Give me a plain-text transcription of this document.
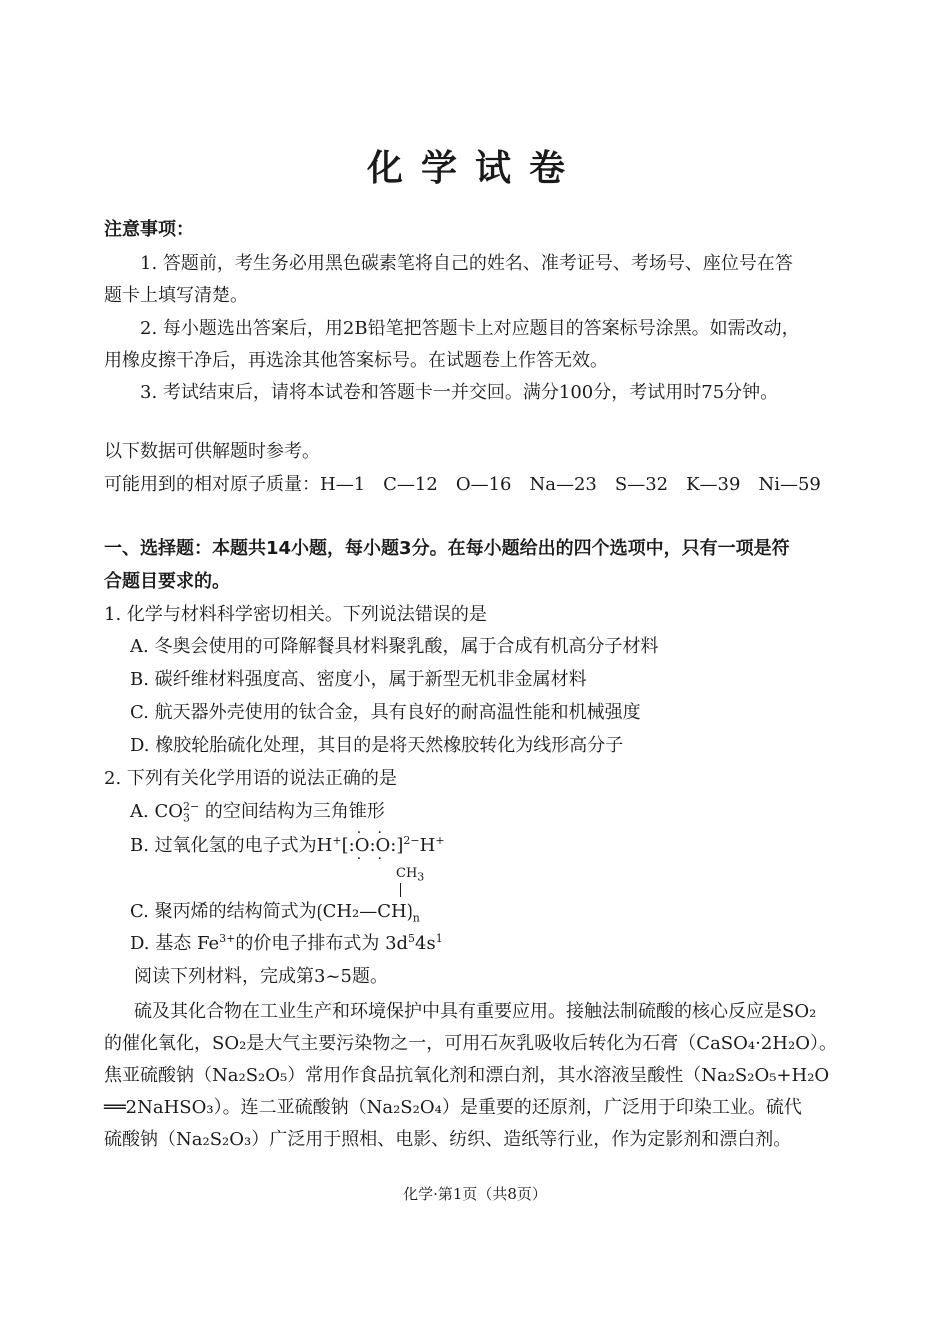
化学试卷
注意事项：
1. 答题前，考生务必用黑色碳素笔将自己的姓名、准考证号、考场号、座位号在答
题卡上填写清楚。
2. 每小题选出答案后，用2B铅笔把答题卡上对应题目的答案标号涂黑。如需改动，
用橡皮擦干净后，再选涂其他答案标号。在试题卷上作答无效。
3. 考试结束后，请将本试卷和答题卡一并交回。满分100分，考试用时75分钟。
以下数据可供解题时参考。
可能用到的相对原子质量：H—1　C—12　O—16　Na—23　S—32　K—39　Ni—59
一、选择题：本题共14小题，每小题3分。在每小题给出的四个选项中，只有一项是符
合题目要求的。
1. 化学与材料科学密切相关。下列说法错误的是
A. 冬奥会使用的可降解餐具材料聚乳酸，属于合成有机高分子材料
B. 碳纤维材料强度高、密度小，属于新型无机非金属材料
C. 航天器外壳使用的钛合金，具有良好的耐高温性能和机械强度
D. 橡胶轮胎硫化处理，其目的是将天然橡胶转化为线形高分子
2. 下列有关化学用语的说法正确的是
A. $CO_3^{2-}$ 的空间结构为三角锥形
B. 过氧化氢的电子式为H+[:· O ·:· O ·:]$^{2-}$H+
$CH_3$
C. 聚丙烯的结构简式为$⟮CH_2—CH⟯_n$
D. 基态 $Fe^{3+}$的价电子排布式为 $3d^54s^1$
阅读下列材料，完成第3~5题。
硫及其化合物在工业生产和环境保护中具有重要应用。接触法制硫酸的核心反应是SO₂
的催化氧化，SO₂是大气主要污染物之一，可用石灰乳吸收后转化为石膏（CaSO₄·2H₂O）。
焦亚硫酸钠（Na₂S₂O₅）常用作食品抗氧化剂和漂白剂，其水溶液呈酸性（Na₂S₂O₅+H₂O
══2NaHSO₃）。连二亚硫酸钠（Na₂S₂O₄）是重要的还原剂，广泛用于印染工业。硫代
硫酸钠（Na₂S₂O₃）广泛用于照相、电影、纺织、造纸等行业，作为定影剂和漂白剂。
化学·第1页（共8页）
